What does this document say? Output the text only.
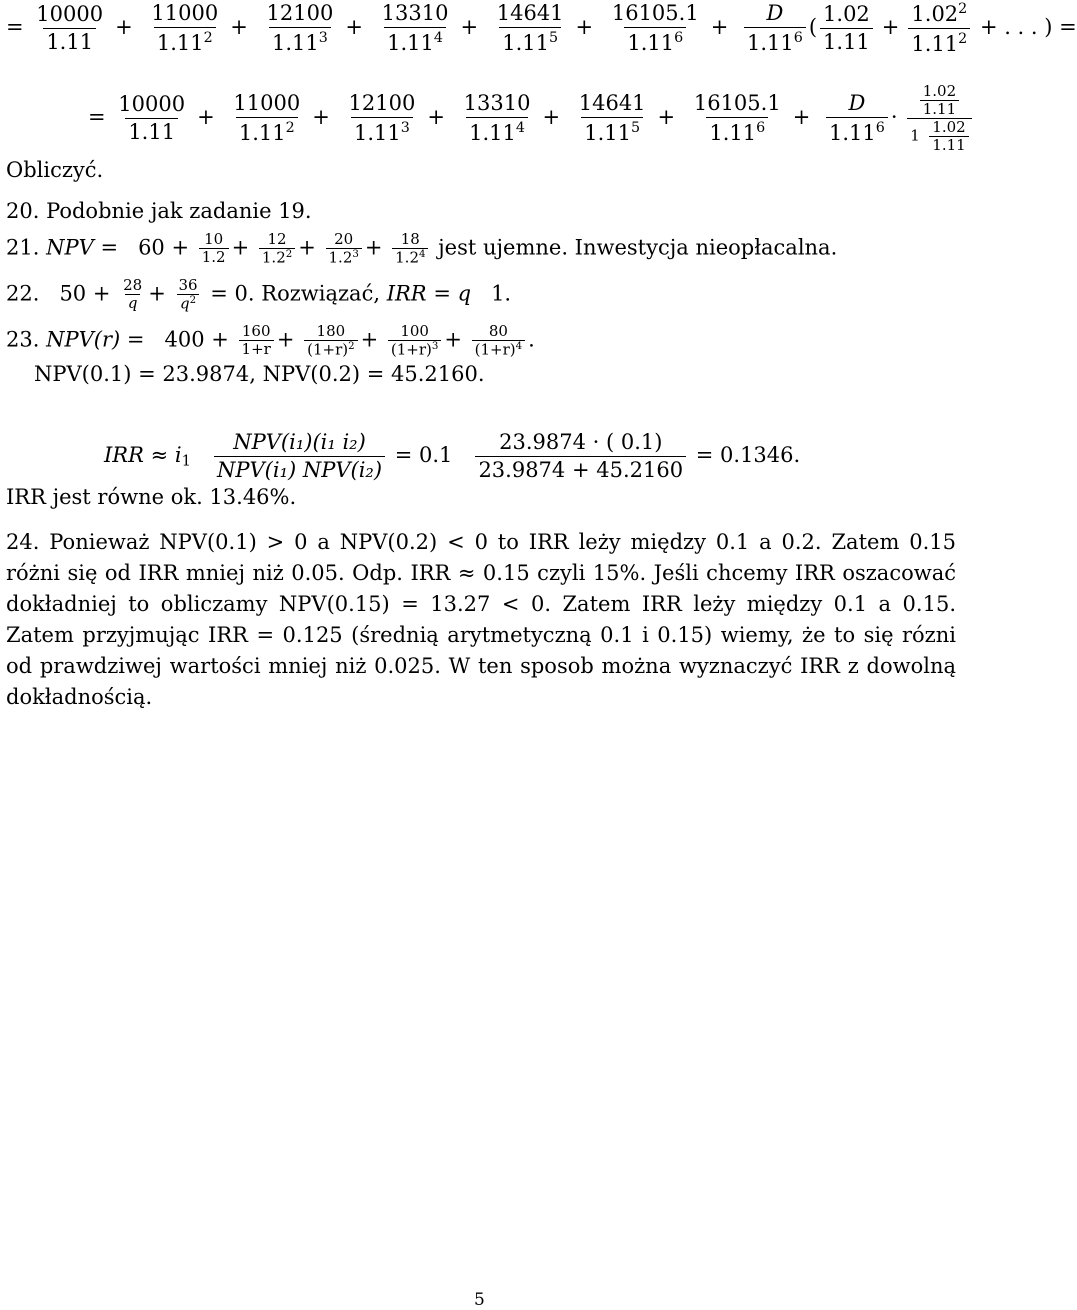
= $\frac{10000}{1.11} + \frac{11000}{1.11^2} + \frac{12100}{1.11^3} + \frac{13310}{1.11^4} + \frac{14641}{1.11^5} + \frac{16105.1}{1.11^6} + \frac{D}{1.11^6}$ ( $\frac{1.02}{1.11} + \frac{1.02^2}{1.11^2}$ + . . . ) =
= $\frac{10000}{1.11} + \frac{11000}{1.11^2} + \frac{12100}{1.11^3} + \frac{13310}{1.11^4} + \frac{14641}{1.11^5} + \frac{16105.1}{1.11^6} + \frac{D}{1.11^6} \cdot \frac{\frac{1.02}{1.11}}{1 \frac{1.02}{1.11}}$
Obliczyć.
20. Podobnie jak zadanie 19.
21. NPV =   $60 + \frac{10}{1.2} + \frac{12}{1.2^2} + \frac{20}{1.2^3} + \frac{18}{1.2^4}$ jest ujemne. Inwestycja nieopłacalna.
22. $50 + \frac{28}{q} + \frac{36}{q^2} = 0$. Rozwiązać, IRR = q 1.
23. $NPV(r) = 400 + \frac{160}{1+r} + \frac{180}{(1+r)^2} + \frac{100}{(1+r)^3} + \frac{80}{(1+r)^4}$ .
NPV(0.1) = 23.9874, NPV(0.2) = 45.2160.
IRR ≈ $i_1 \frac{\text{NPV(i₁)(i₁ i₂)}}{\text{NPV(i₁) NPV(i₂)}} = 0.1 \frac{23.9874 \cdot ( 0.1)}{23.9874 + 45.2160} = 0.1346$.
IRR jest równe ok. 13.46%.
24. Ponieważ NPV(0.1) > 0 a NPV(0.2) < 0 to IRR leży między 0.1 a 0.2. Zatem 0.15 różni się od IRR mniej niż 0.05. Odp. IRR ≈ 0.15 czyli 15%. Jeśli chcemy IRR oszacować dokładniej to obliczamy NPV(0.15) = 13.27 < 0. Zatem IRR leży między 0.1 a 0.15. Zatem przyjmując IRR = 0.125 (średnią arytmetyczną 0.1 i 0.15) wiemy, że to się rózni od prawdziwej wartości mniej niż 0.025. W ten sposob można wyznaczyć IRR z dowolną dokładnością.
5
